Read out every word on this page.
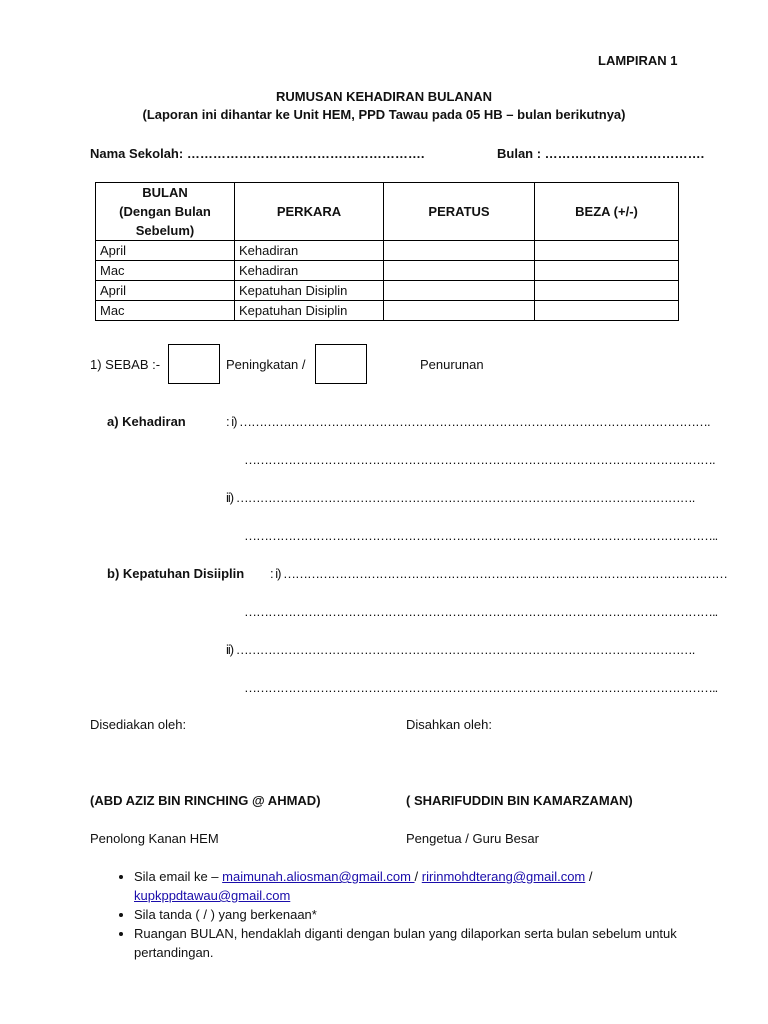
LAMPIRAN 1
RUMUSAN KEHADIRAN BULANAN
(Laporan ini dihantar ke Unit HEM, PPD Tawau pada 05 HB – bulan berikutnya)
Nama Sekolah: ……………………………………………….	Bulan : ……………………………….
BULAN
(Dengan Bulan
Sebelum)	PERKARA	PERATUS	BEZA (+/-)
April	Kehadiran		
Mac	Kehadiran		
April	Kepatuhan Disiplin		
Mac	Kepatuhan Disiplin		
1) SEBAB :-	Peningkatan /	Penurunan
a) Kehadiran	: i) ……………………………………………………………………………………………………….
……………………………………………………………………………………………………….
ii) …………………………………………………………………………………………………….
………………………………………………………………………………………………………..
b) Kepatuhan Disiiplin : i) …………………………………………………………………………………………………
………………………………………………………………………………………………………..
ii) …………………………………………………………………………………………………….
………………………………………………………………………………………………………..
Disediakan oleh:	Disahkan oleh:
(ABD AZIZ BIN RINCHING @ AHMAD)	( SHARIFUDDIN BIN KAMARZAMAN)
Penolong Kanan HEM	Pengetua / Guru Besar
• Sila email ke – maimunah.aliosman@gmail.com / ririnmohdterang@gmail.com /
kupkppdtawau@gmail.com
• Sila tanda ( / ) yang berkenaan*
• Ruangan BULAN, hendaklah diganti dengan bulan yang dilaporkan serta bulan sebelum untuk pertandingan.
